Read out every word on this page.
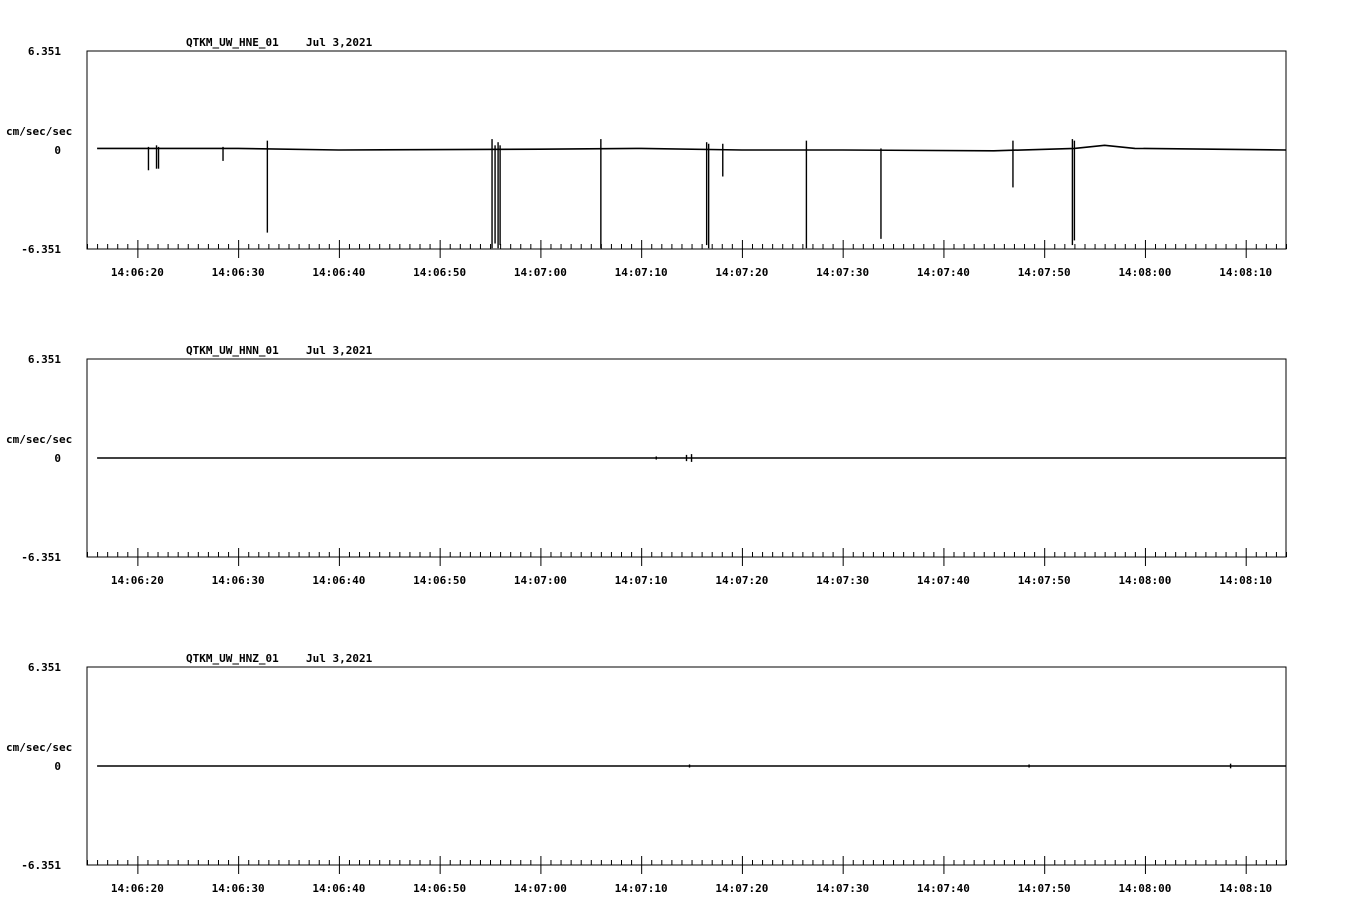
QTKM_UW_HNE_01 Jul 3,2021
6.351
0
-6.351
cm/sec/sec
14:06:20	14:06:30	14:06:40	14:06:50	14:07:00	14:07:10	14:07:20	14:07:30	14:07:40	14:07:50	14:08:00	14:08:10
QTKM_UW_HNN_01 Jul 3,2021
6.351
0
-6.351
cm/sec/sec
14:06:20	14:06:30	14:06:40	14:06:50	14:07:00	14:07:10	14:07:20	14:07:30	14:07:40	14:07:50	14:08:00	14:08:10
QTKM_UW_HNZ_01 Jul 3,2021
6.351
0
-6.351
cm/sec/sec
14:06:20	14:06:30	14:06:40	14:06:50	14:07:00	14:07:10	14:07:20	14:07:30	14:07:40	14:07:50	14:08:00	14:08:10
